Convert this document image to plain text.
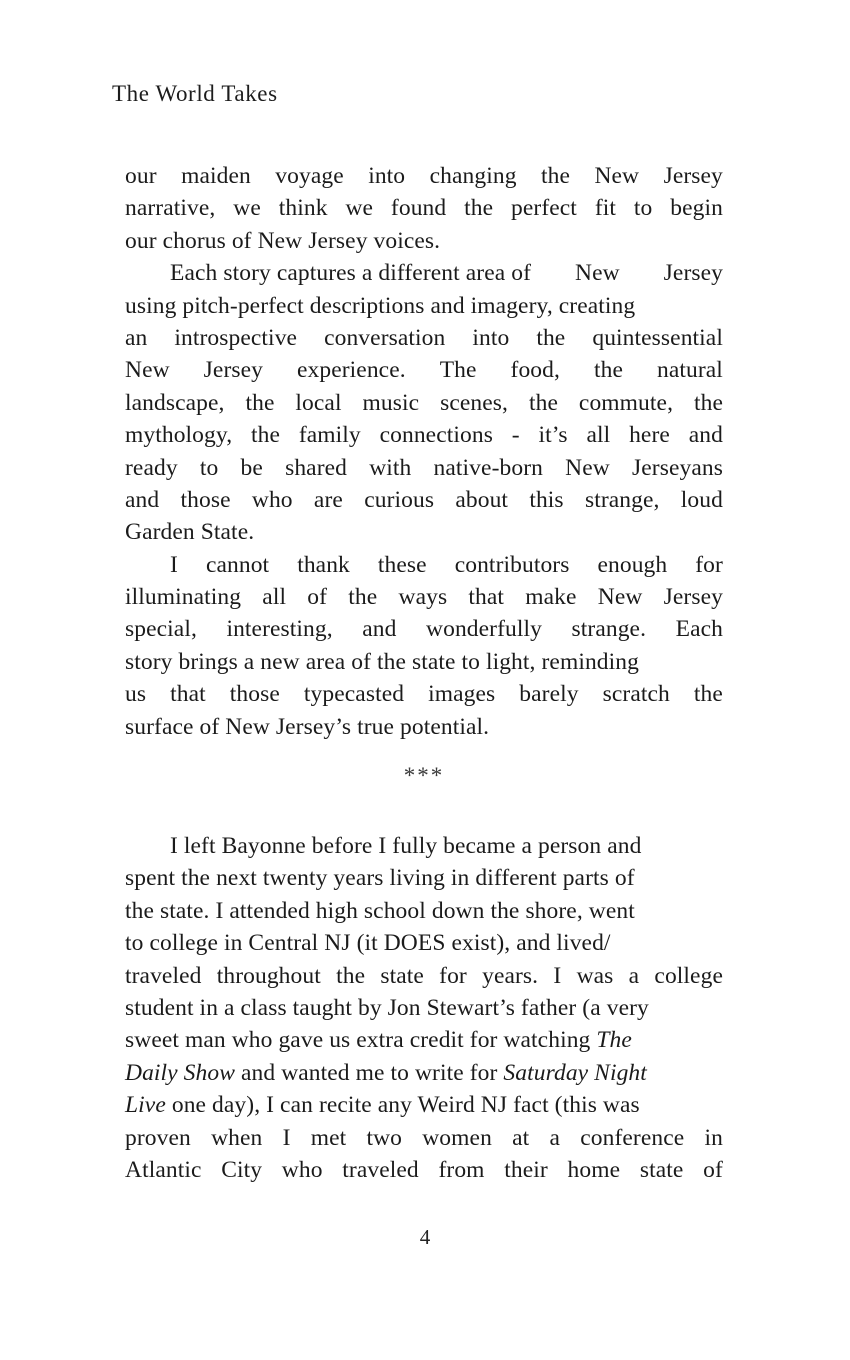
The World Takes
our maiden voyage into changing the New Jersey
narrative, we think we found the perfect fit to begin
our chorus of New Jersey voices.
Each story captures a different area of New Jersey
using pitch-perfect descriptions and imagery, creating
an introspective conversation into the quintessential
New Jersey experience. The food, the natural
landscape, the local music scenes, the commute, the
mythology, the family connections - it’s all here and
ready to be shared with native-born New Jerseyans
and those who are curious about this strange, loud
Garden State.
I cannot thank these contributors enough for
illuminating all of the ways that make New Jersey
special, interesting, and wonderfully strange. Each
story brings a new area of the state to light, reminding
us that those typecasted images barely scratch the
surface of New Jersey’s true potential.
***
I left Bayonne before I fully became a person and
spent the next twenty years living in different parts of
the state. I attended high school down the shore, went
to college in Central NJ (it DOES exist), and lived/
traveled throughout the state for years. I was a college
student in a class taught by Jon Stewart’s father (a very
sweet man who gave us extra credit for watching The
Daily Show and wanted me to write for Saturday Night
Live one day), I can recite any Weird NJ fact (this was
proven when I met two women at a conference in
Atlantic City who traveled from their home state of
4
